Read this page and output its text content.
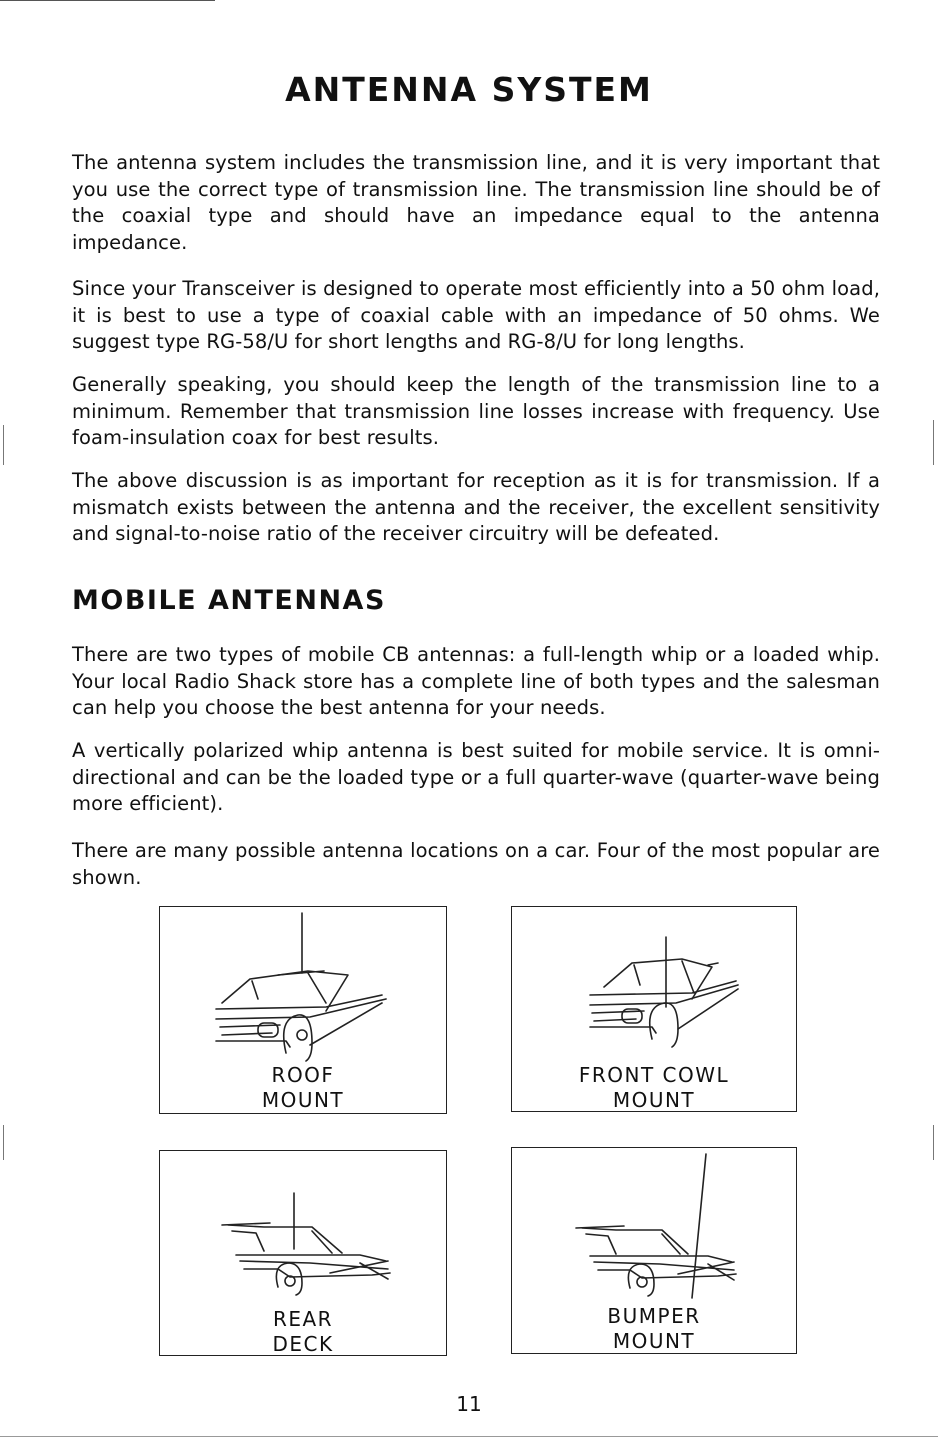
ANTENNA SYSTEM

The antenna system includes the transmission line, and it is very important that you use the correct type of transmission line. The transmission line should be of the coaxial type and should have an impedance equal to the antenna impedance.

Since your Transceiver is designed to operate most efficiently into a 50 ohm load, it is best to use a type of coaxial cable with an impedance of 50 ohms. We suggest type RG-58/U for short lengths and RG-8/U for long lengths.

Generally speaking, you should keep the length of the transmission line to a minimum. Remember that transmission line losses increase with frequency. Use foam-insulation coax for best results.

The above discussion is as important for reception as it is for transmission. If a mismatch exists between the antenna and the receiver, the excellent sensitivity and signal-to-noise ratio of the receiver circuitry will be defeated.

MOBILE ANTENNAS

There are two types of mobile CB antennas: a full-length whip or a loaded whip. Your local Radio Shack store has a complete line of both types and the salesman can help you choose the best antenna for your needs.

A vertically polarized whip antenna is best suited for mobile service. It is omni-directional and can be the loaded type or a full quarter-wave (quarter-wave being more efficient).

There are many possible antenna locations on a car. Four of the most popular are shown.

ROOF
MOUNT
FRONT COWL
MOUNT
REAR
DECK
BUMPER
MOUNT
11
